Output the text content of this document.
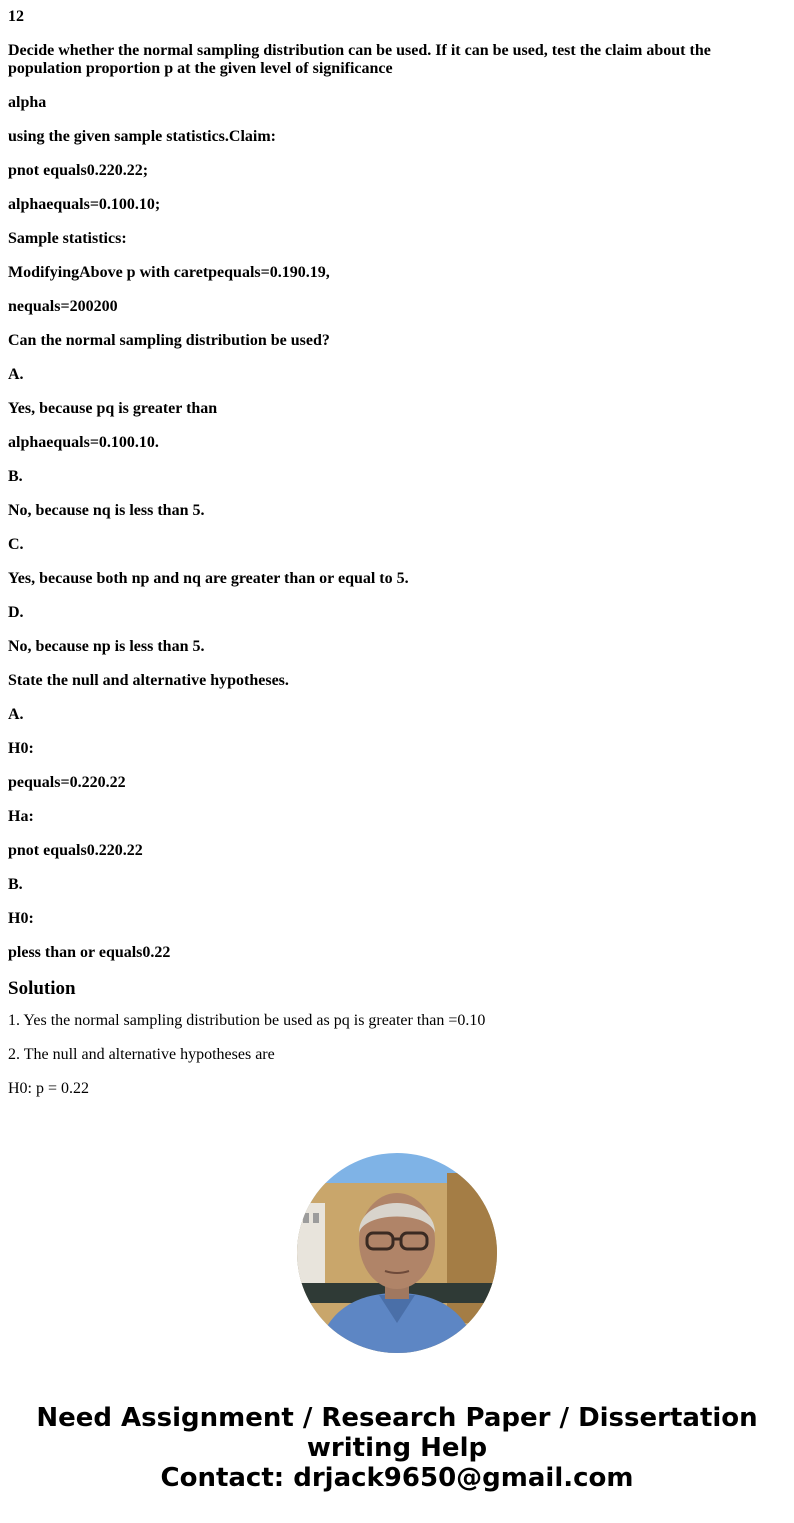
12

Decide whether the normal sampling distribution can be used. If it can be used, test the claim about the population proportion p at the given level of significance

alpha

using the given sample statistics.Claim:

pnot equals0.220.22;

alphaequals=0.100.10;

Sample statistics:

ModifyingAbove p with caretpequals=0.190.19,

nequals=200200

Can the normal sampling distribution be used?

A.

Yes, because pq is greater than

alphaequals=0.100.10.

B.

No, because nq is less than 5.

C.

Yes, because both np and nq are greater than or equal to 5.

D.

No, because np is less than 5.

State the null and alternative hypotheses.

A.

H0:

pequals=0.220.22

Ha:

pnot equals0.220.22

B.

H0:

pless than or equals0.22

Solution

1. Yes the normal sampling distribution be used as pq is greater than =0.10

2. The null and alternative hypotheses are

H0: p = 0.22

Need Assignment / Research Paper / Dissertation
writing Help
Contact: drjack9650@gmail.com
